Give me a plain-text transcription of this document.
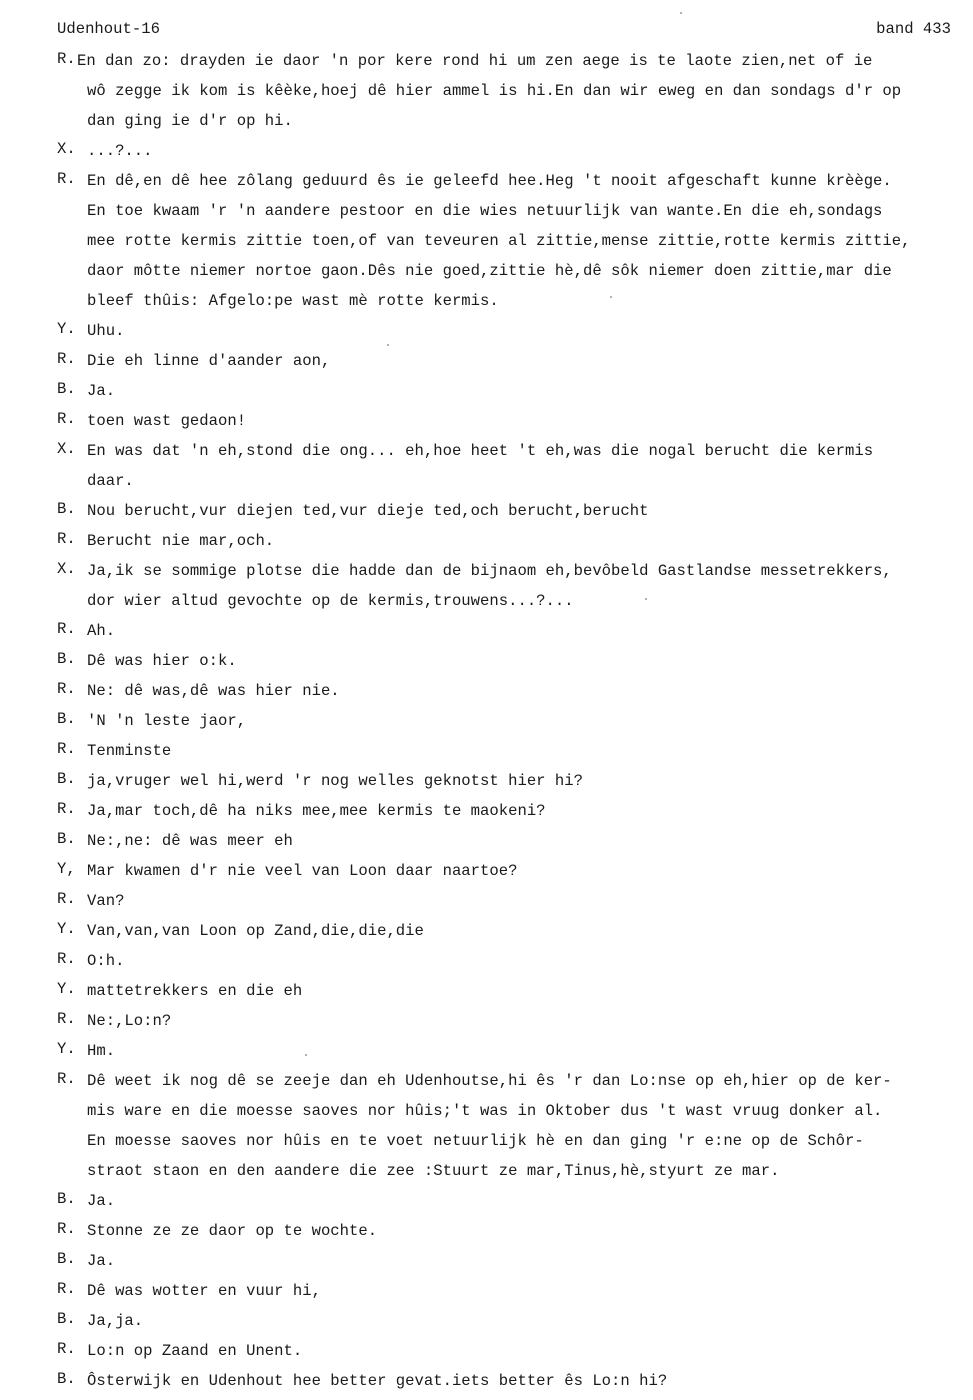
Udenhout-16	band 433
R. En dan zo: drayden ie daor 'n por kere rond hi um zen aege is te laote zien,net of ie
wô zegge ik kom is kêèke,hoej dê hier ammel is hi.En dan wir eweg en dan sondags d'r op
dan ging ie d'r op hi.
X. ...?...
R. En dê,en dê hee zôlang geduurd ês ie geleefd hee.Heg 't nooit afgeschaft kunne krèège.
En toe kwaam 'r 'n aandere pestoor en die wies netuurlijk van wante.En die eh,sondags
mee rotte kermis zittie toen,of van teveuren al zittie,mense zittie,rotte kermis zittie,
daor môtte niemer nortoe gaon.Dês nie goed,zittie hè,dê sôk niemer doen zittie,mar die
bleef thûis: Afgelo:pe wast mè rotte kermis.
Y. Uhu.
R. Die eh linne d'aander aon,
B. Ja.
R. toen wast gedaon!
X. En was dat 'n eh,stond die ong... eh,hoe heet 't eh,was die nogal berucht die kermis
daar.
B. Nou berucht,vur diejen ted,vur dieje ted,och berucht,berucht
R. Berucht nie mar,och.
X. Ja,ik se sommige plotse die hadde dan de bijnaom eh,bevôbeld Gastlandse messetrekkers,
dor wier altud gevochte op de kermis,trouwens...?...
R. Ah.
B. Dê was hier o:k.
R. Ne: dê was,dê was hier nie.
B. 'N 'n leste jaor,
R. Tenminste
B. ja,vruger wel hi,werd 'r nog welles geknotst hier hi?
R. Ja,mar toch,dê ha niks mee,mee kermis te maokeni?
B. Ne:,ne: dê was meer eh
Y, Mar kwamen d'r nie veel van Loon daar naartoe?
R. Van?
Y. Van,van,van Loon op Zand,die,die,die
R. O:h.
Y. mattetrekkers en die eh
R. Ne:,Lo:n?
Y. Hm.
R. Dê weet ik nog dê se zeeje dan eh Udenhoutse,hi ês 'r dan Lo:nse op eh,hier op de ker-
mis ware en die moesse saoves nor hûis;'t was in Oktober dus 't wast vruug donker al.
En moesse saoves nor hûis en te voet netuurlijk hè en dan ging 'r e:ne op de Schôr-
straot staon en den aandere die zee :Stuurt ze mar,Tinus,hè,styurt ze mar.
B. Ja.
R. Stonne ze ze daor op te wochte.
B. Ja.
R. Dê was wotter en vuur hi,
B. Ja,ja.
R. Lo:n op Zaand en Unent.
B. Ôsterwijk en Udenhout hee better gevat.iets better ês Lo:n hi?
